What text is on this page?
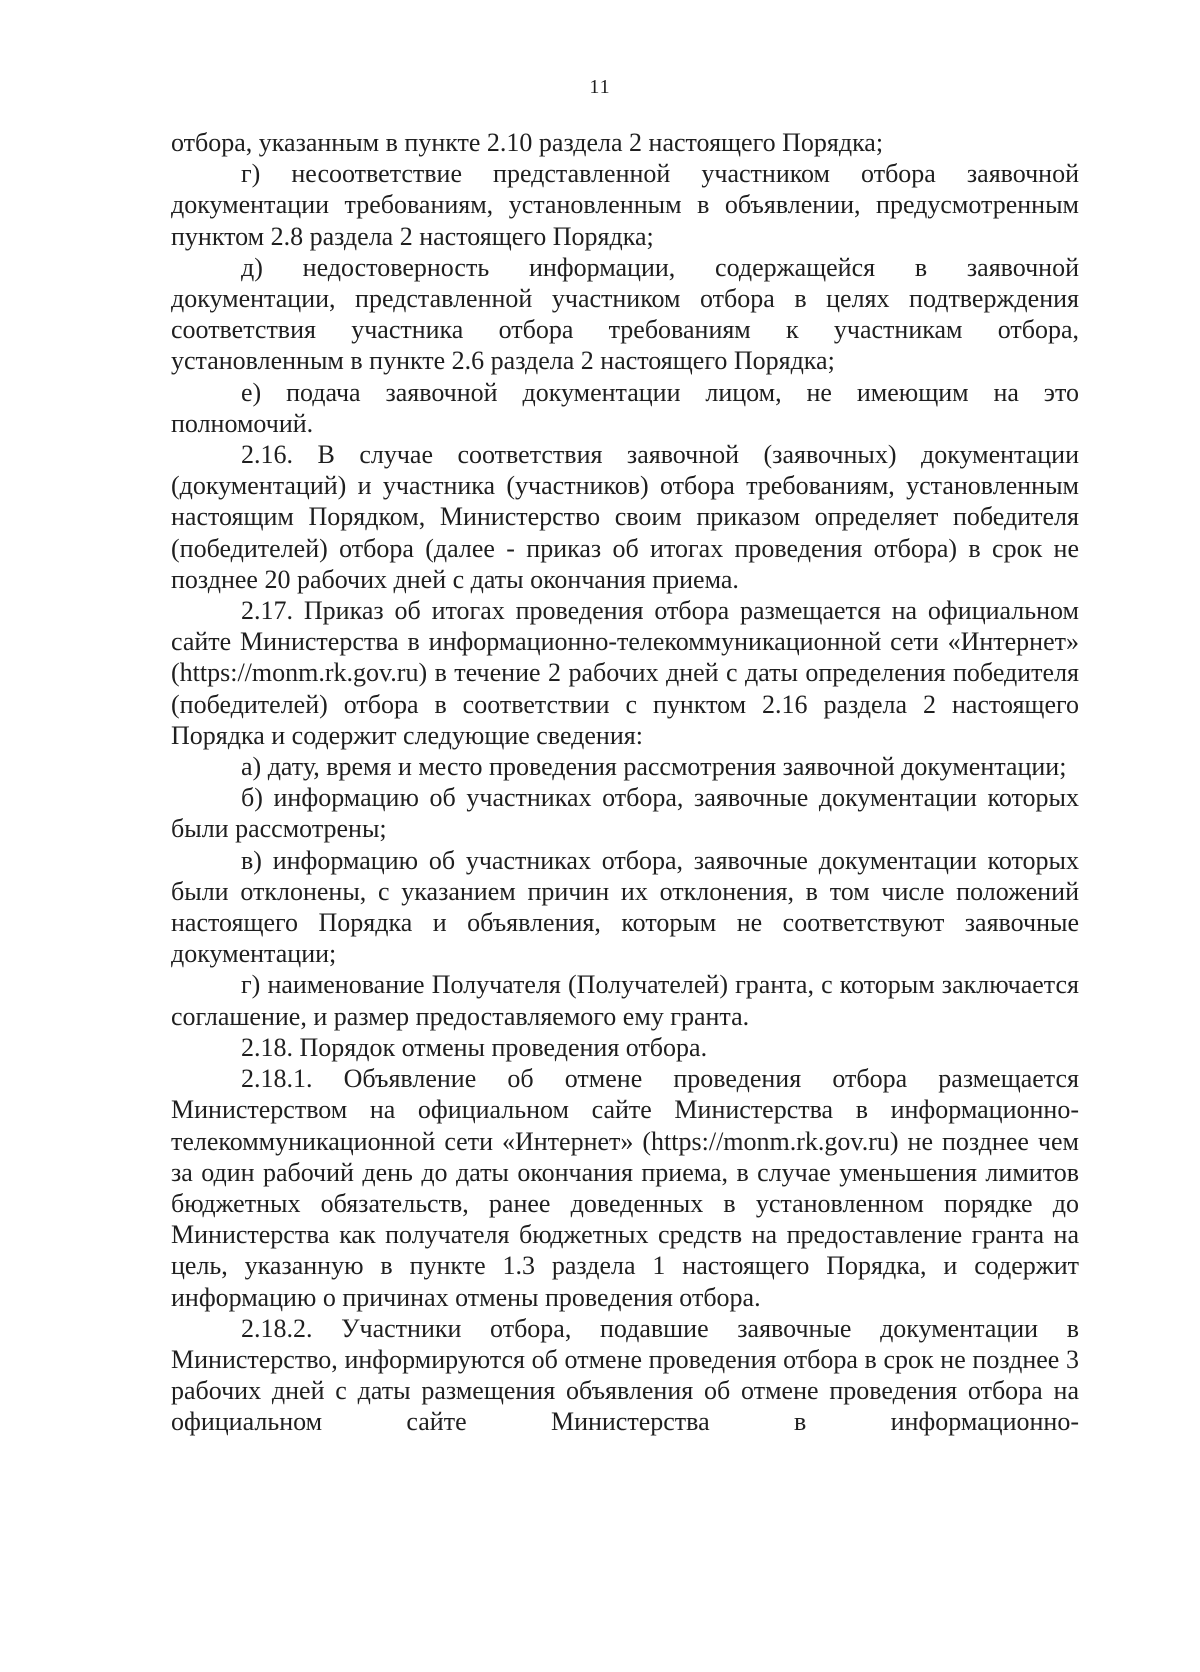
11

отбора, указанным в пункте 2.10 раздела 2 настоящего Порядка;

г) несоответствие представленной участником отбора заявочной документации требованиям, установленным в объявлении, предусмотренным пунктом 2.8 раздела 2 настоящего Порядка;

д) недостоверность информации, содержащейся в заявочной документации, представленной участником отбора в целях подтверждения соответствия участника отбора требованиям к участникам отбора, установленным в пункте 2.6 раздела 2 настоящего Порядка;

е) подача заявочной документации лицом, не имеющим на это полномочий.

2.16. В случае соответствия заявочной (заявочных) документации (документаций) и участника (участников) отбора требованиям, установленным настоящим Порядком, Министерство своим приказом определяет победителя (победителей) отбора (далее - приказ об итогах проведения отбора) в срок не позднее 20 рабочих дней с даты окончания приема.

2.17. Приказ об итогах проведения отбора размещается на официальном сайте Министерства в информационно-телекоммуникационной сети «Интернет» (https://monm.rk.gov.ru) в течение 2 рабочих дней с даты определения победителя (победителей) отбора в соответствии с пунктом 2.16 раздела 2 настоящего Порядка и содержит следующие сведения:

а) дату, время и место проведения рассмотрения заявочной документации;

б) информацию об участниках отбора, заявочные документации которых были рассмотрены;

в) информацию об участниках отбора, заявочные документации которых были отклонены, с указанием причин их отклонения, в том числе положений настоящего Порядка и объявления, которым не соответствуют заявочные документации;

г) наименование Получателя (Получателей) гранта, с которым заключается соглашение, и размер предоставляемого ему гранта.

2.18. Порядок отмены проведения отбора.

2.18.1. Объявление об отмене проведения отбора размещается Министерством на официальном сайте Министерства в информационно-телекоммуникационной сети «Интернет» (https://monm.rk.gov.ru) не позднее чем за один рабочий день до даты окончания приема, в случае уменьшения лимитов бюджетных обязательств, ранее доведенных в установленном порядке до Министерства как получателя бюджетных средств на предоставление гранта на цель, указанную в пункте 1.3 раздела 1 настоящего Порядка, и содержит информацию о причинах отмены проведения отбора.

2.18.2. Участники отбора, подавшие заявочные документации в Министерство, информируются об отмене проведения отбора в срок не позднее 3 рабочих дней с даты размещения объявления об отмене проведения отбора на официальном сайте Министерства в информационно-
